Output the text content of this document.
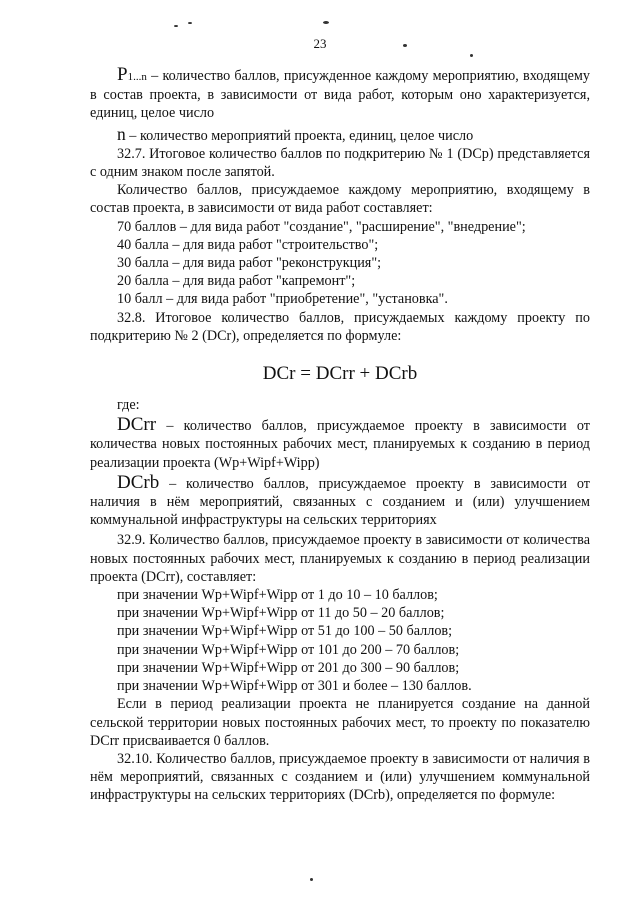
23

P1...n – количество баллов, присужденное каждому мероприятию, входящему в состав проекта, в зависимости от вида работ, которым оно характеризуется, единиц, целое число

n – количество мероприятий проекта, единиц, целое число

32.7. Итоговое количество баллов по подкритерию № 1 (DCp) представляется с одним знаком после запятой.

Количество баллов, присуждаемое каждому мероприятию, входящему в состав проекта, в зависимости от вида работ составляет:

70 баллов – для вида работ "создание", "расширение", "внедрение";

40 балла – для вида работ "строительство";

30 балла – для вида работ "реконструкция";

20 балла – для вида работ "капремонт";

10 балл – для вида работ "приобретение", "установка".

32.8. Итоговое количество баллов, присуждаемых каждому проекту по подкритерию № 2 (DCr), определяется по формуле:

DCr = DCrr + DCrb

где:

DCrr – количество баллов, присуждаемое проекту в зависимости от количества новых постоянных рабочих мест, планируемых к созданию в период реализации проекта (Wp+Wipf+Wipp)

DCrb – количество баллов, присуждаемое проекту в зависимости от наличия в нём мероприятий, связанных с созданием и (или) улучшением коммунальной инфраструктуры на сельских территориях

32.9. Количество баллов, присуждаемое проекту в зависимости от количества новых постоянных рабочих мест, планируемых к созданию в период реализации проекта (DCrr), составляет:

при значении Wp+Wipf+Wipp от 1 до 10 – 10 баллов;

при значении Wp+Wipf+Wipp от 11 до 50 – 20 баллов;

при значении Wp+Wipf+Wipp от 51 до 100 – 50 баллов;

при значении Wp+Wipf+Wipp от 101 до 200 – 70 баллов;

при значении Wp+Wipf+Wipp от 201 до 300 – 90 баллов;

при значении Wp+Wipf+Wipp от 301 и более – 130 баллов.

Если в период реализации проекта не планируется создание на данной сельской территории новых постоянных рабочих мест, то проекту по показателю DCrr присваивается 0 баллов.

32.10. Количество баллов, присуждаемое проекту в зависимости от наличия в нём мероприятий, связанных с созданием и (или) улучшением коммунальной инфраструктуры на сельских территориях (DCrb), определяется по формуле:
